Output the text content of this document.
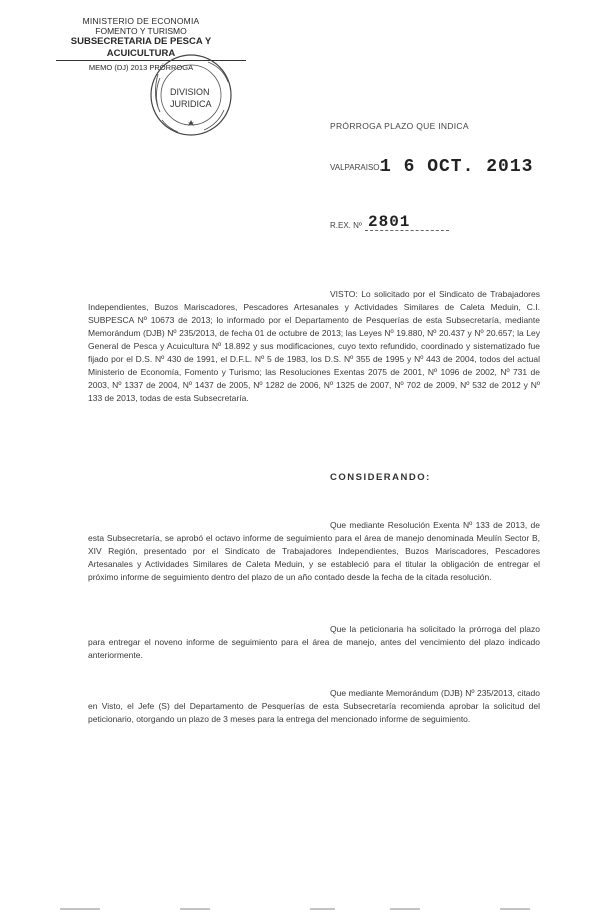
MINISTERIO DE ECONOMIA
FOMENTO Y TURISMO
SUBSECRETARIA DE PESCA Y ACUICULTURA
MEMO (DJ) 2013 PRÓRROGA
DIVISION
JURIDICA
PRÓRROGA PLAZO QUE INDICA
VALPARAISO,
1 6 OCT. 2013
R.EX. Nº 2801
VISTO: Lo solicitado por el Sindicato de Trabajadores Independientes, Buzos Mariscadores, Pescadores Artesanales y Actividades Similares de Caleta Meduin, C.I. SUBPESCA Nº 10673 de 2013; lo informado por el Departamento de Pesquerías de esta Subsecretaría, mediante Memorándum (DJB) Nº 235/2013, de fecha 01 de octubre de 2013; las Leyes Nº 19.880, Nº 20.437 y Nº 20.657; la Ley General de Pesca y Acuicultura Nº 18.892 y sus modificaciones, cuyo texto refundido, coordinado y sistematizado fue fijado por el D.S. Nº 430 de 1991, el D.F.L. Nº 5 de 1983, los D.S. Nº 355 de 1995 y Nº 443 de 2004, todos del actual Ministerio de Economía, Fomento y Turismo; las Resoluciones Exentas 2075 de 2001, Nº 1096 de 2002, Nº 731 de 2003, Nº 1337 de 2004, Nº 1437 de 2005, Nº 1282 de 2006, Nº 1325 de 2007, Nº 702 de 2009, Nº 532 de 2012 y Nº 133 de 2013, todas de esta Subsecretaría.
CONSIDERANDO:
Que mediante Resolución Exenta Nº 133 de 2013, de esta Subsecretaría, se aprobó el octavo informe de seguimiento para el área de manejo denominada Meulín Sector B, XIV Región, presentado por el Sindicato de Trabajadores Independientes, Buzos Mariscadores, Pescadores Artesanales y Actividades Similares de Caleta Meduin, y se estableció para el titular la obligación de entregar el próximo informe de seguimiento dentro del plazo de un año contado desde la fecha de la citada resolución.
Que la peticionaria ha solicitado la prórroga del plazo para entregar el noveno informe de seguimiento para el área de manejo, antes del vencimiento del plazo indicado anteriormente.
Que mediante Memorándum (DJB) Nº 235/2013, citado en Visto, el Jefe (S) del Departamento de Pesquerías de esta Subsecretaría recomienda aprobar la solicitud del peticionario, otorgando un plazo de 3 meses para la entrega del mencionado informe de seguimiento.
